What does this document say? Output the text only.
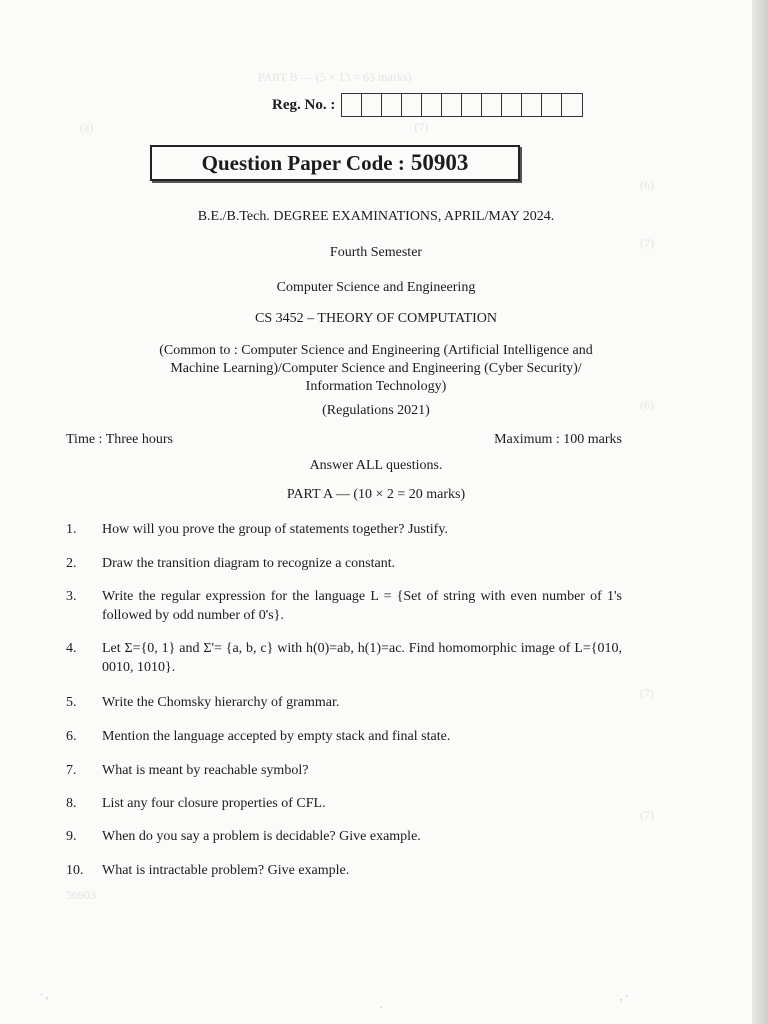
PART B — (5 × 13 = 65 marks)
(a)                                                                                                           (7)
(6)
(7)
(6)
(7)
(7)
50903
Reg. No. :
Question Paper Code : 50903
B.E./B.Tech. DEGREE EXAMINATIONS, APRIL/MAY 2024.
Fourth Semester
Computer Science and Engineering
CS 3452 – THEORY OF COMPUTATION
(Common to : Computer Science and Engineering (Artificial Intelligence and
Machine Learning)/Computer Science and Engineering (Cyber Security)/
Information Technology)
(Regulations 2021)
Time : Three hours	Maximum : 100 marks
Answer ALL questions.
PART A — (10 × 2 = 20 marks)
1.	How will you prove the group of statements together? Justify.
2.	Draw the transition diagram to recognize a constant.
3.	Write the regular expression for the language L = {Set of string with even number of 1's followed by odd number of 0's}.
4.	Let Σ={0, 1} and Σ'= {a, b, c} with h(0)=ab, h(1)=ac. Find homomorphic image of L={010, 0010, 1010}.
5.	Write the Chomsky hierarchy of grammar.
6.	Mention the language accepted by empty stack and final state.
7.	What is meant by reachable symbol?
8.	List any four closure properties of CFL.
9.	When do you say a problem is decidable? Give example.
10.	What is intractable problem? Give example.
· ,
.
, ·
